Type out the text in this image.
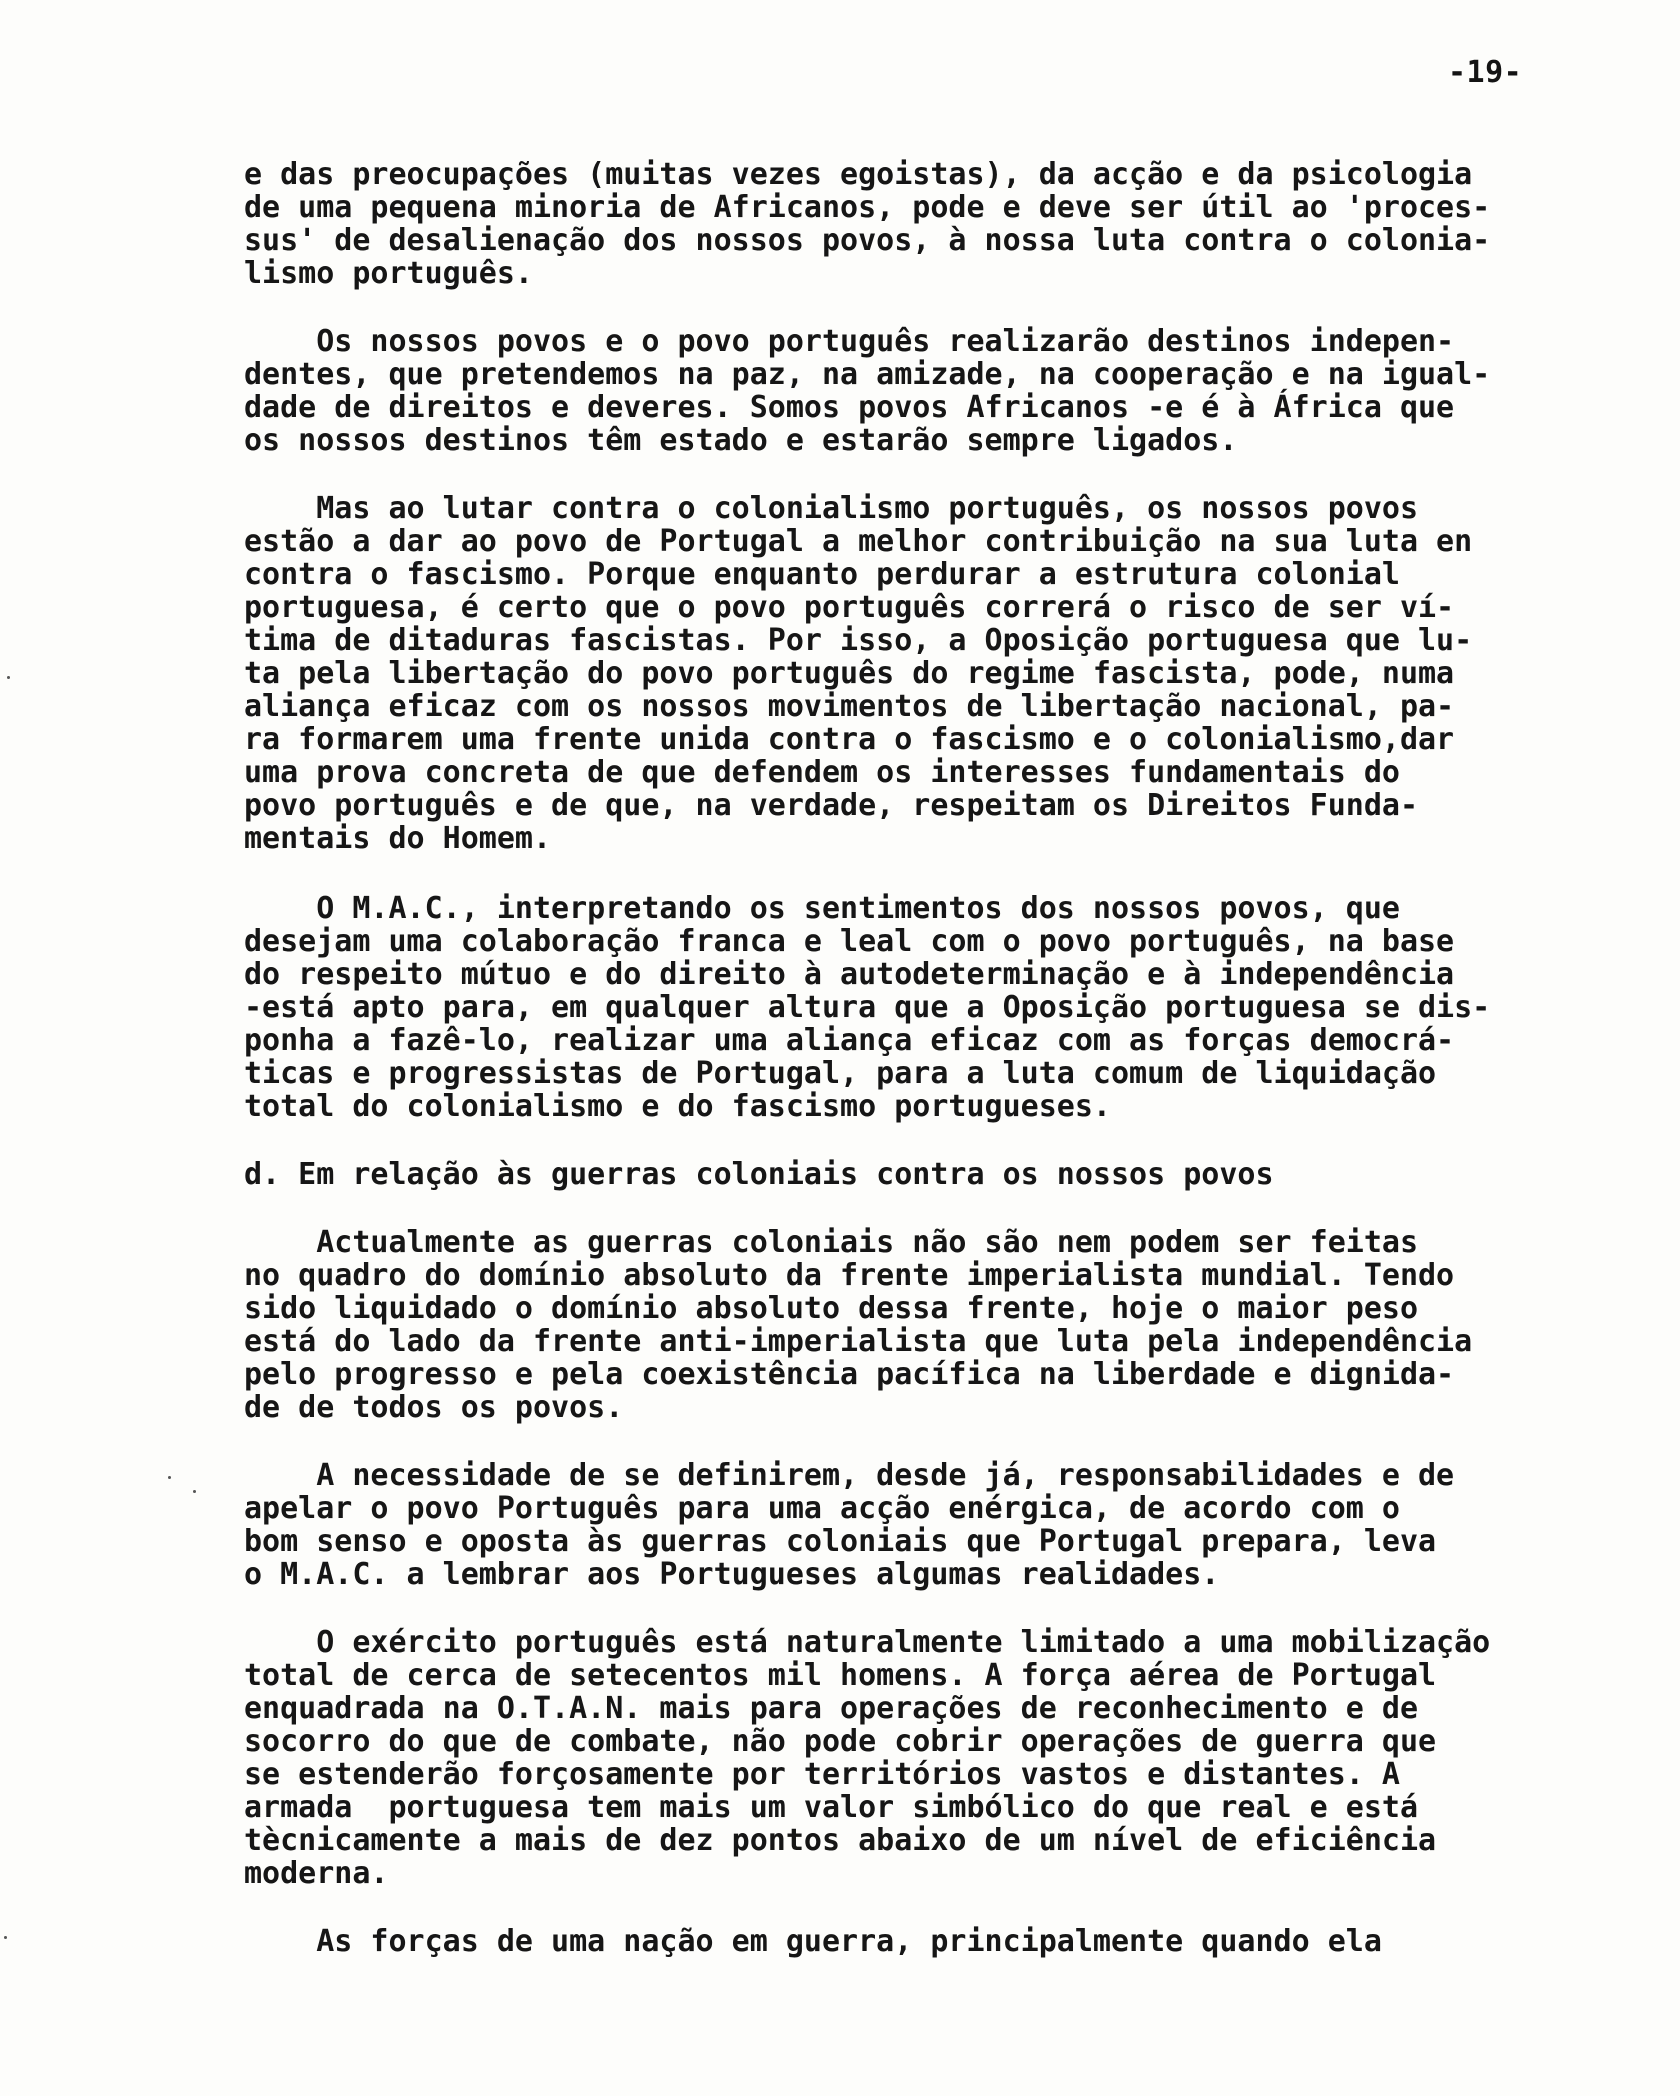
-19-

e das preocupações (muitas vezes egoistas), da acção e da psicologia

de uma pequena minoria de Africanos, pode e deve ser útil ao 'proces-

sus' de desalienação dos nossos povos, à nossa luta contra o colonia-

lismo português.

Os nossos povos e o povo português realizarão destinos indepen-

dentes, que pretendemos na paz, na amizade, na cooperação e na igual-

dade de direitos e deveres. Somos povos Africanos -e é à África que

os nossos destinos têm estado e estarão sempre ligados.

Mas ao lutar contra o colonialismo português, os nossos povos

estão a dar ao povo de Portugal a melhor contribuição na sua luta en

contra o fascismo. Porque enquanto perdurar a estrutura colonial

portuguesa, é certo que o povo português correrá o risco de ser ví-

tima de ditaduras fascistas. Por isso, a Oposição portuguesa que lu-

ta pela libertação do povo português do regime fascista, pode, numa

aliança eficaz com os nossos movimentos de libertação nacional, pa-

ra formarem uma frente unida contra o fascismo e o colonialismo,dar

uma prova concreta de que defendem os interesses fundamentais do

povo português e de que, na verdade, respeitam os Direitos Funda-

mentais do Homem.

O M.A.C., interpretando os sentimentos dos nossos povos, que

desejam uma colaboração franca e leal com o povo português, na base

do respeito mútuo e do direito à autodeterminação e à independência

-está apto para, em qualquer altura que a Oposição portuguesa se dis-

ponha a fazê-lo, realizar uma aliança eficaz com as forças democrá-

ticas e progressistas de Portugal, para a luta comum de liquidação

total do colonialismo e do fascismo portugueses.

d. Em relação às guerras coloniais contra os nossos povos

Actualmente as guerras coloniais não são nem podem ser feitas

no quadro do domínio absoluto da frente imperialista mundial. Tendo

sido liquidado o domínio absoluto dessa frente, hoje o maior peso

está do lado da frente anti-imperialista que luta pela independência

pelo progresso e pela coexistência pacífica na liberdade e dignida-

de de todos os povos.

A necessidade de se definirem, desde já, responsabilidades e de

apelar o povo Português para uma acção enérgica, de acordo com o

bom senso e oposta às guerras coloniais que Portugal prepara, leva

o M.A.C. a lembrar aos Portugueses algumas realidades.

O exército português está naturalmente limitado a uma mobilização

total de cerca de setecentos mil homens. A força aérea de Portugal

enquadrada na O.T.A.N. mais para operações de reconhecimento e de

socorro do que de combate, não pode cobrir operações de guerra que

se estenderão forçosamente por territórios vastos e distantes. A

armada  portuguesa tem mais um valor simbólico do que real e está

tècnicamente a mais de dez pontos abaixo de um nível de eficiência

moderna.

As forças de uma nação em guerra, principalmente quando ela
